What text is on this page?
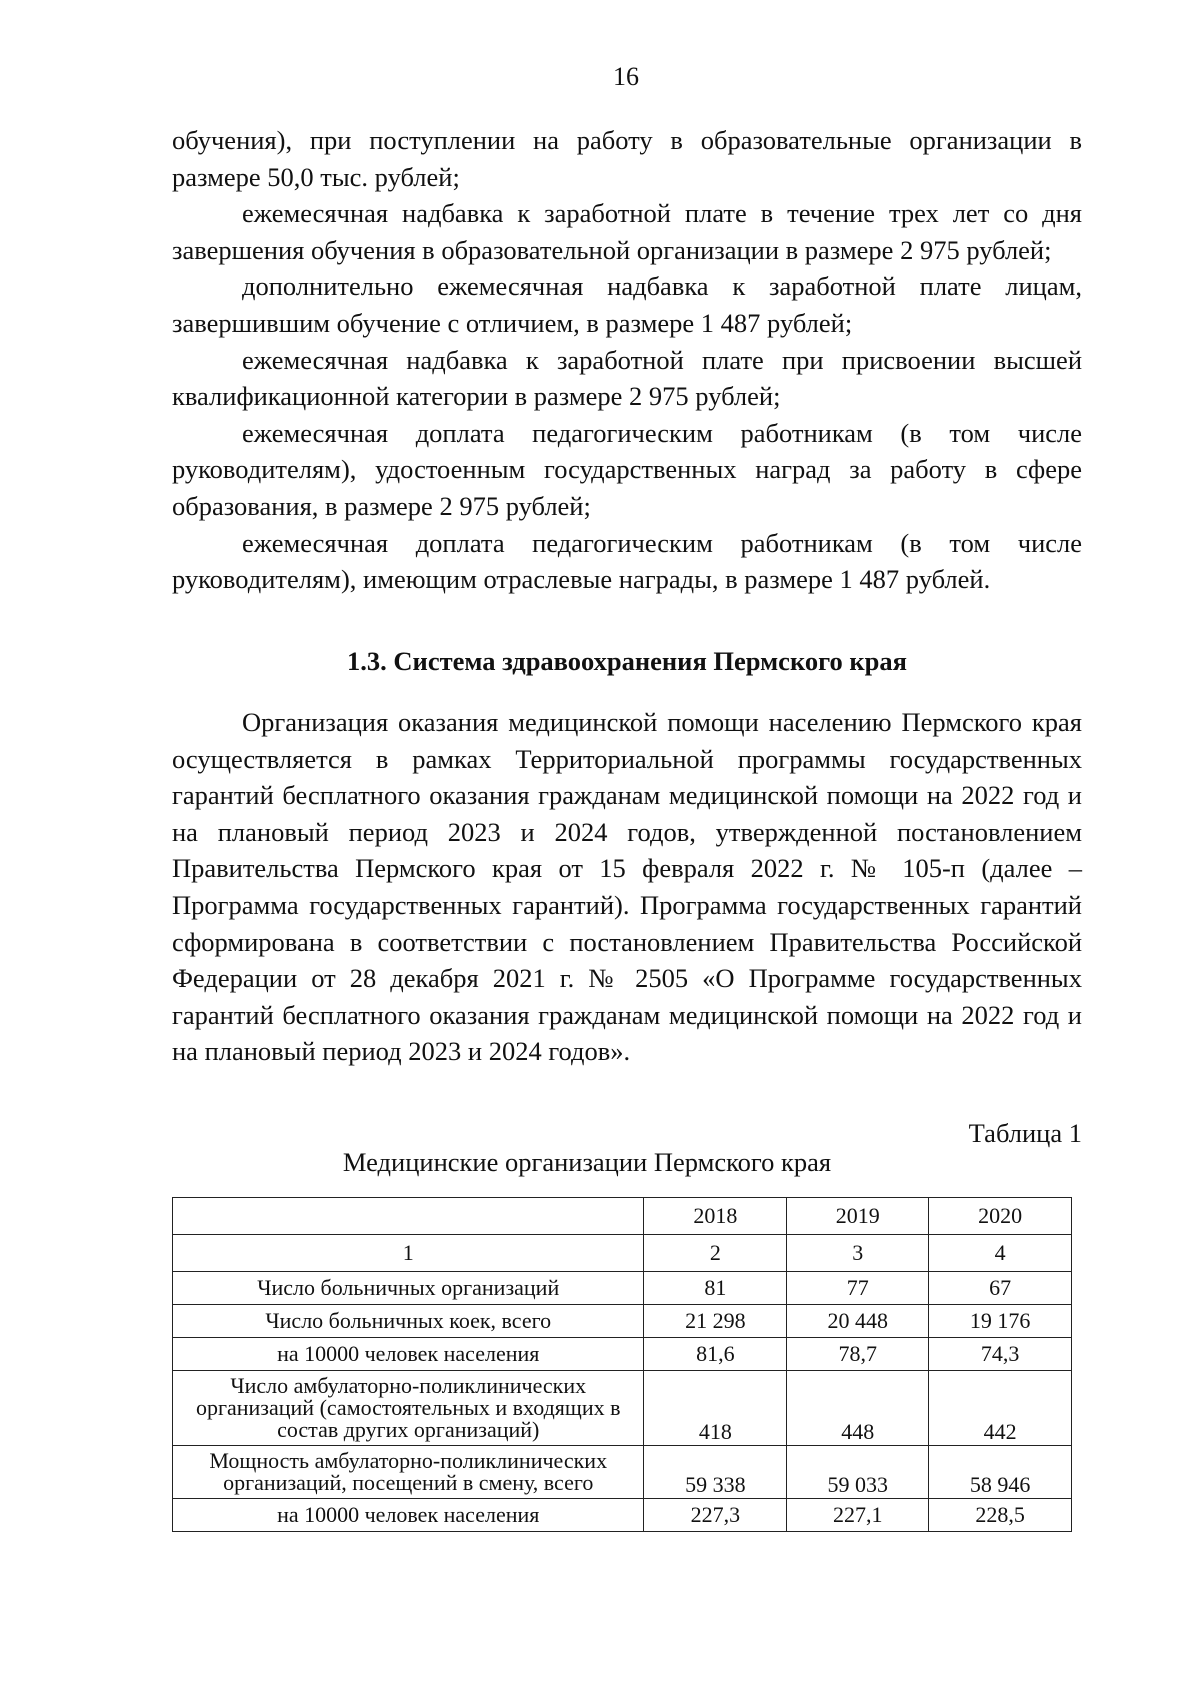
16

обучения), при поступлении на работу в образовательные организации в размере 50,0 тыс. рублей;

ежемесячная надбавка к заработной плате в течение трех лет со дня завершения обучения в образовательной организации в размере 2 975 рублей;

дополнительно ежемесячная надбавка к заработной плате лицам, завершившим обучение с отличием, в размере 1 487 рублей;

ежемесячная надбавка к заработной плате при присвоении высшей квалификационной категории в размере 2 975 рублей;

ежемесячная доплата педагогическим работникам (в том числе руководителям), удостоенным государственных наград за работу в сфере образования, в размере 2 975 рублей;

ежемесячная доплата педагогическим работникам (в том числе руководителям), имеющим отраслевые награды, в размере 1 487 рублей.

1.3. Система здравоохранения Пермского края

Организация оказания медицинской помощи населению Пермского края осуществляется в рамках Территориальной программы государственных гарантий бесплатного оказания гражданам медицинской помощи на 2022 год и на плановый период 2023 и 2024 годов, утвержденной постановлением Правительства Пермского края от 15 февраля 2022 г. № 105-п (далее – Программа государственных гарантий). Программа государственных гарантий сформирована в соответствии с постановлением Правительства Российской Федерации от 28 декабря 2021 г. № 2505 «О Программе государственных гарантий бесплатного оказания гражданам медицинской помощи на 2022 год и на плановый период 2023 и 2024 годов».

Таблица 1
Медицинские организации Пермского края
	2018	2019	2020
1	2	3	4
Число больничных организаций	81	77	67
Число больничных коек, всего	21 298	20 448	19 176
на 10000 человек населения	81,6	78,7	74,3
Число амбулаторно-поликлинических организаций (самостоятельных и входящих в состав других организаций)	418	448	442
Мощность амбулаторно-поликлинических организаций, посещений в смену, всего	59 338	59 033	58 946
на 10000 человек населения	227,3	227,1	228,5
